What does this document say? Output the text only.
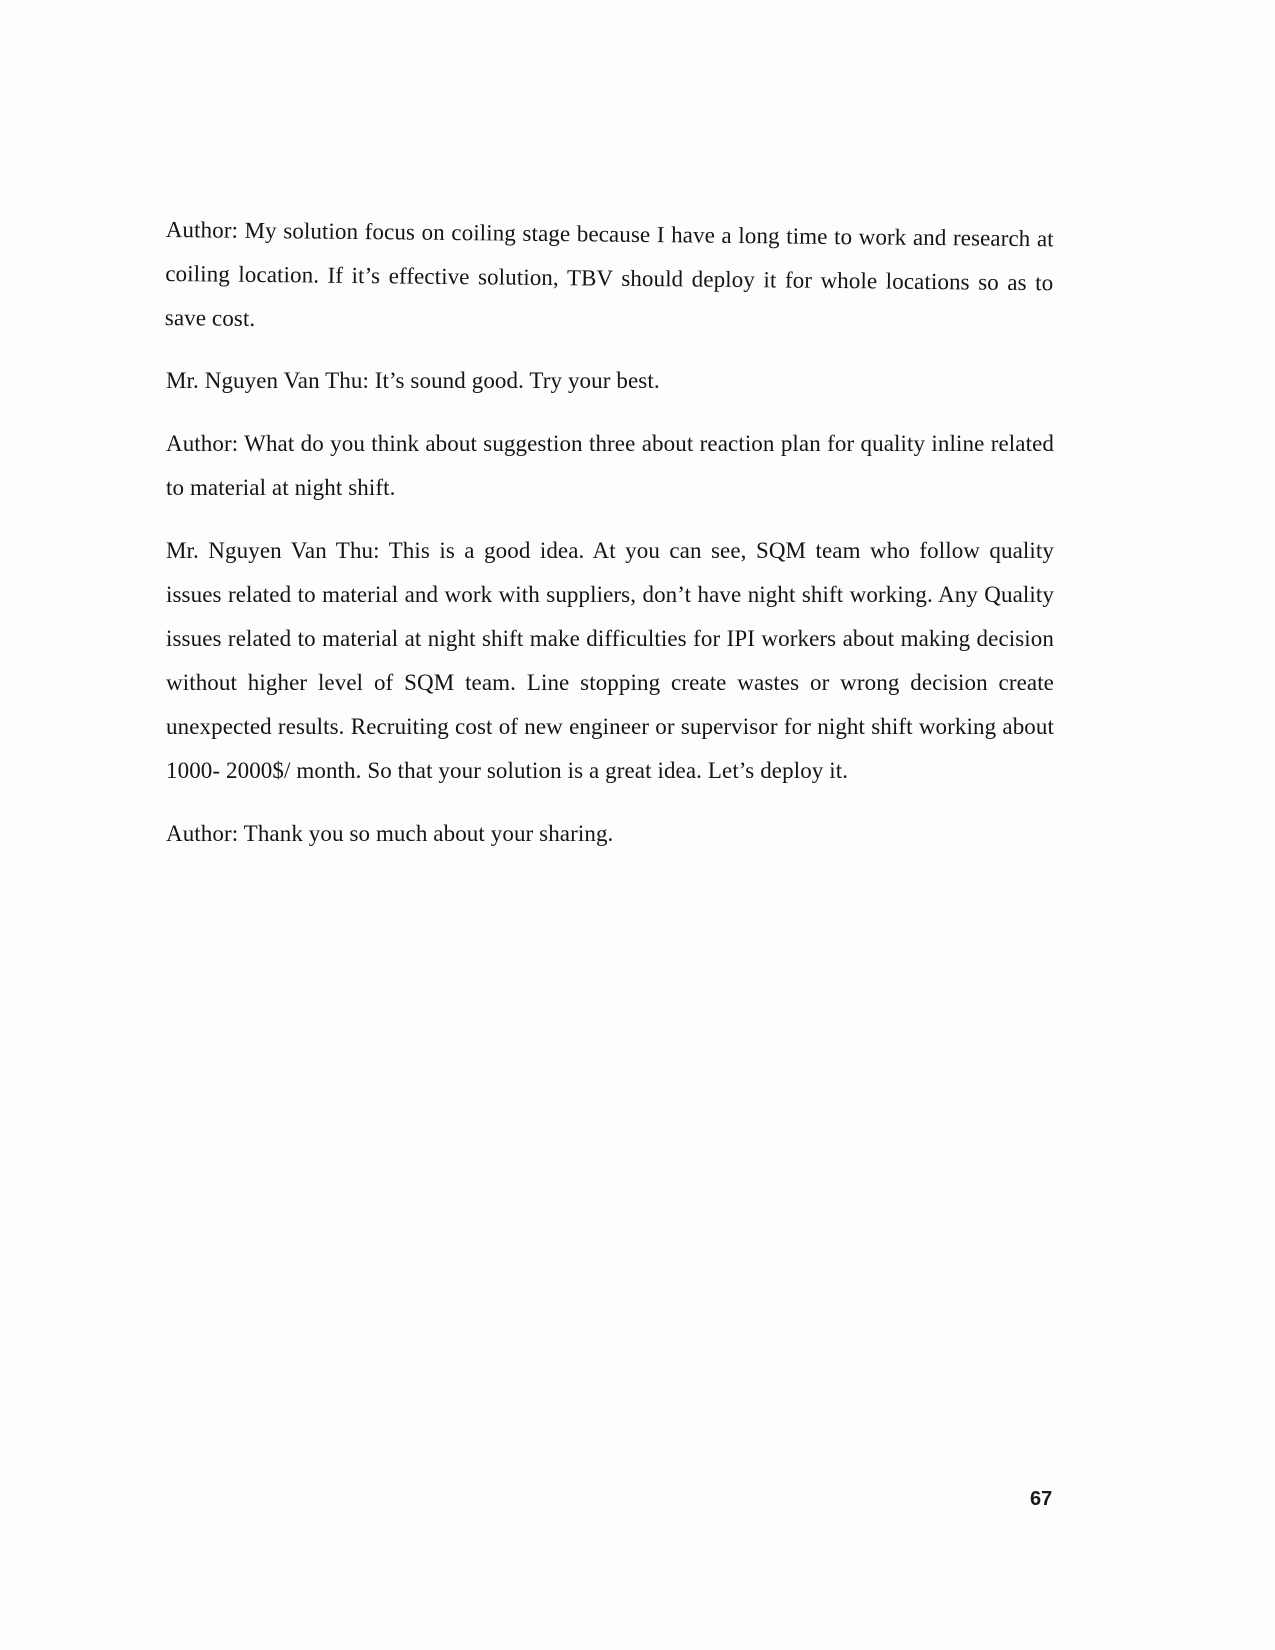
Author: My solution focus on coiling stage because I have a long time to work and research at coiling location. If it’s effective solution, TBV should deploy it for whole locations so as to save cost.

Mr. Nguyen Van Thu: It’s sound good. Try your best.

Author: What do you think about suggestion three about reaction plan for quality inline related to material at night shift.

Mr. Nguyen Van Thu: This is a good idea. At you can see, SQM team who follow quality issues related to material and work with suppliers, don’t have night shift working. Any Quality issues related to material at night shift make difficulties for IPI workers about making decision without higher level of SQM team. Line stopping create wastes or wrong decision create unexpected results. Recruiting cost of new engineer or supervisor for night shift working about 1000- 2000$/ month. So that your solution is a great idea. Let’s deploy it.

Author: Thank you so much about your sharing.

67
